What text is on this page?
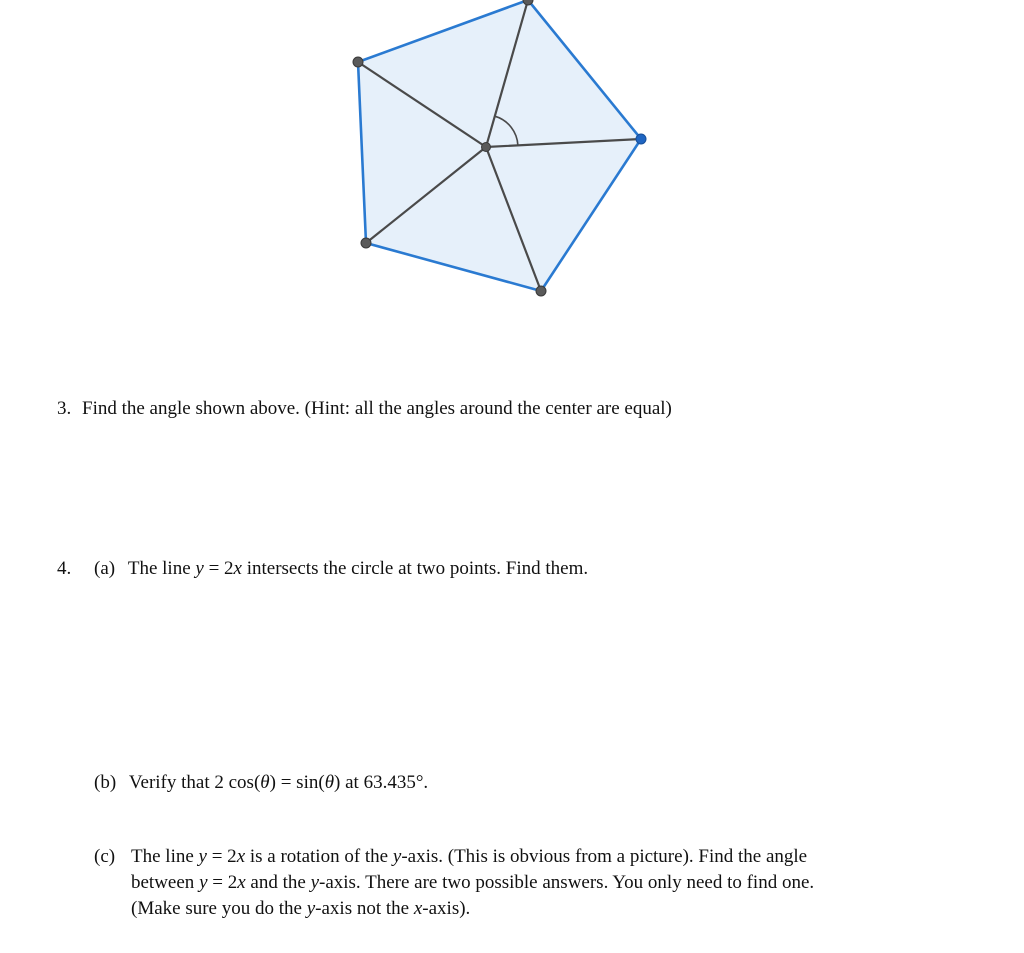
3. Find the angle shown above. (Hint: all the angles around the center are equal)
4. (a) The line y = 2x intersects the circle at two points. Find them.
(b) Verify that 2 cos(θ) = sin(θ) at 63.435°.
(c) The line y = 2x is a rotation of the y-axis. (This is obvious from a picture). Find the angle
between y = 2x and the y-axis. There are two possible answers. You only need to find one.
(Make sure you do the y-axis not the x-axis).
